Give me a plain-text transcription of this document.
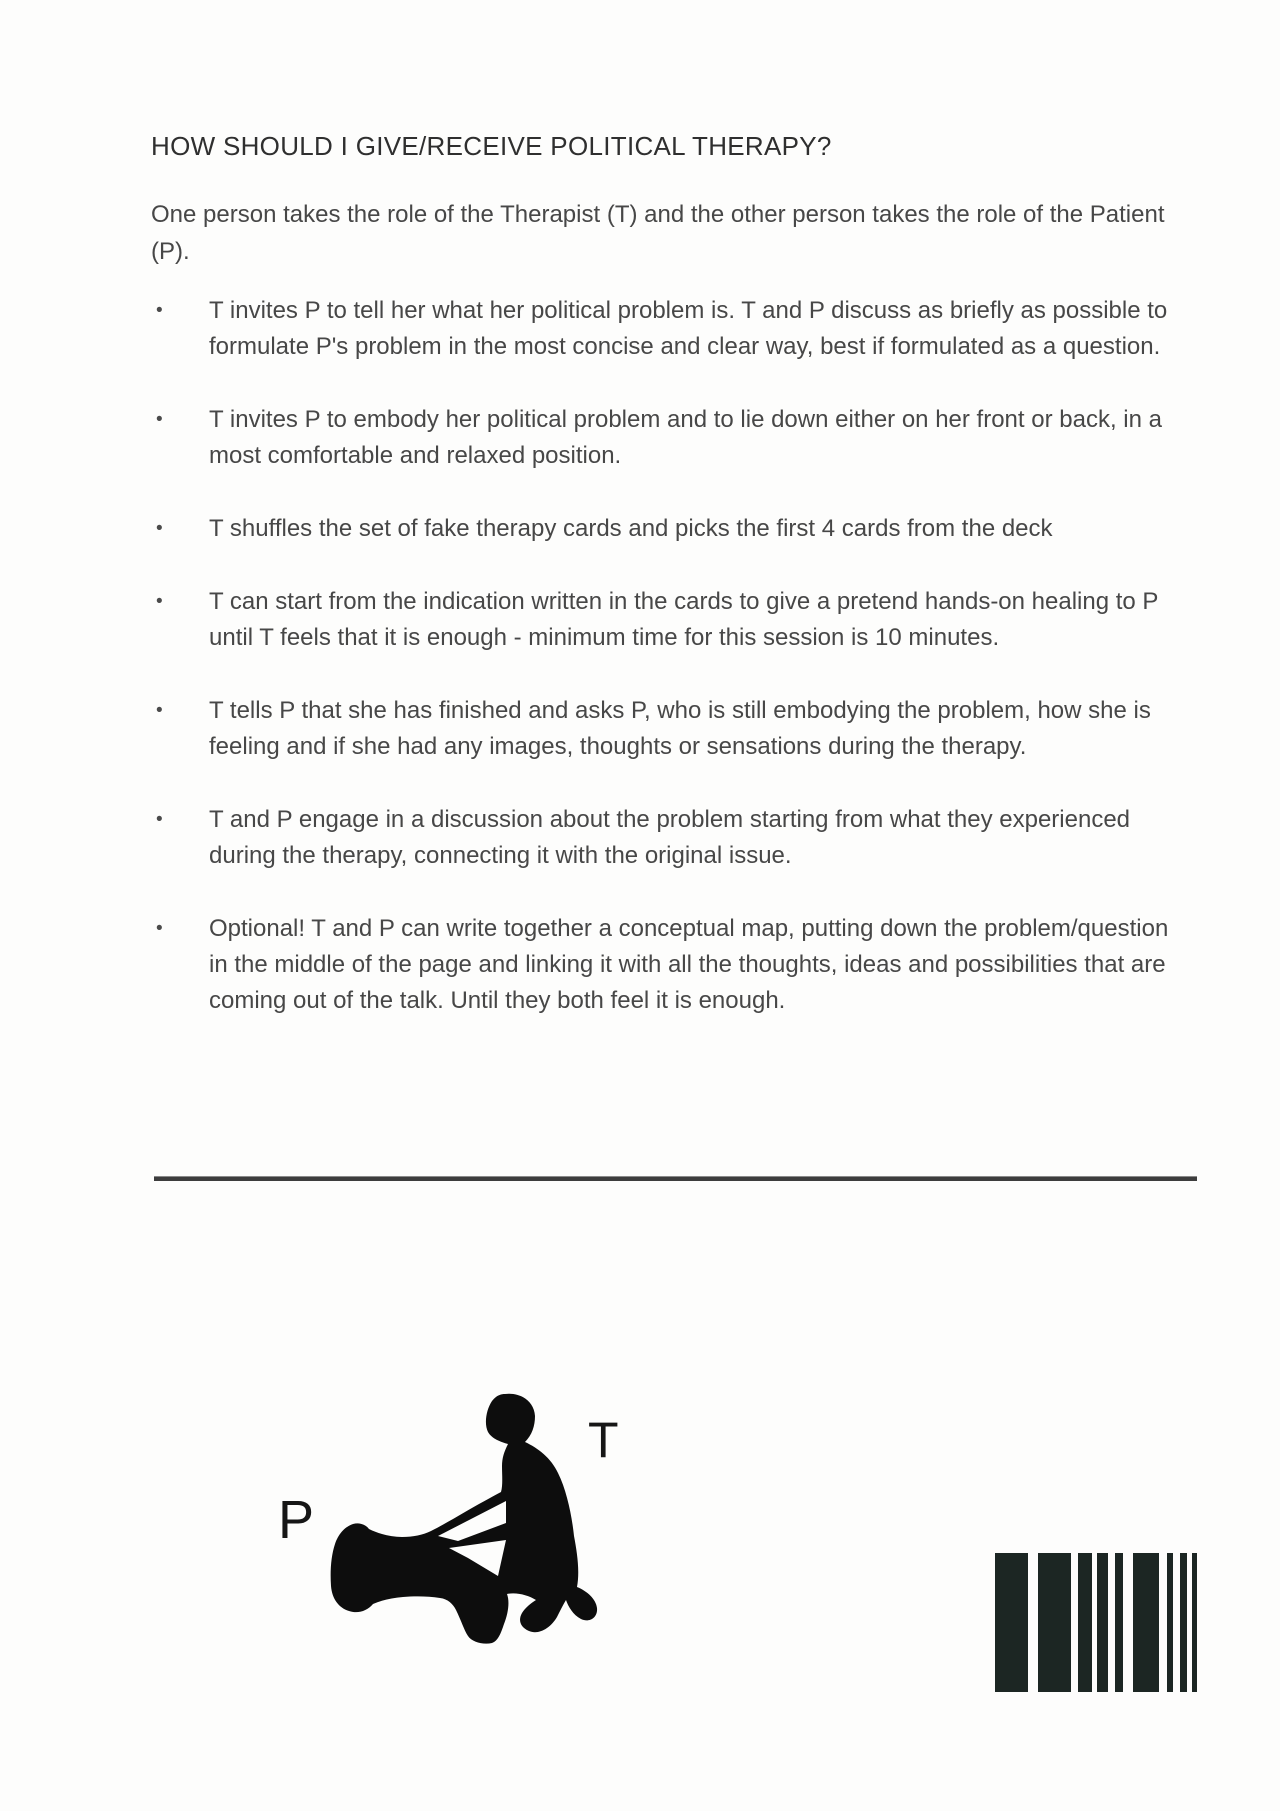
HOW SHOULD I GIVE/RECEIVE POLITICAL THERAPY?

One person takes the role of the Therapist (T) and the other person takes the role of the Patient (P).

•	T invites P to tell her what her political problem is. T and P discuss as briefly as possible to formulate P's problem in the most concise and clear way, best if formulated as a question.
•	T invites P to embody her political problem and to lie down either on her front or back, in a most comfortable and relaxed position.
•	T shuffles the set of fake therapy cards and picks the first 4 cards from the deck
•	T can start from the indication written in the cards to give a pretend hands-on healing to P until T feels that it is enough - minimum time for this session is 10 minutes.
•	T tells P that she has finished and asks P, who is still embodying the problem, how she is feeling and if she had any images, thoughts or sensations during the therapy.
•	T and P engage in a discussion about the problem starting from what they experienced during the therapy, connecting it with the original issue.
•	Optional! T and P can write together a conceptual map, putting down the problem/question in the middle of the page and linking it with all the thoughts, ideas and possibilities that are coming out of the talk. Until they both feel it is enough.
P
T
